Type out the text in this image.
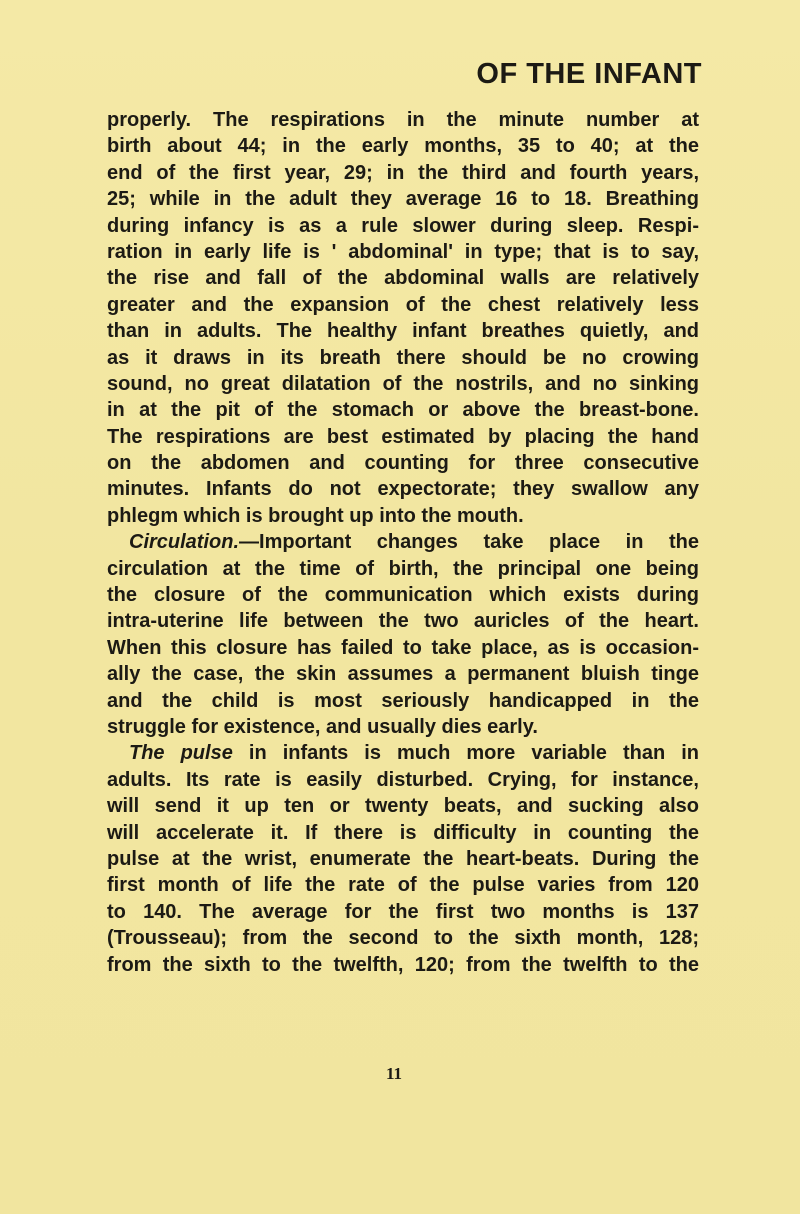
OF THE INFANT
properly. The respirations in the minute number at
birth about 44; in the early months, 35 to 40; at the
end of the first year, 29; in the third and fourth years,
25; while in the adult they average 16 to 18. Breathing
during infancy is as a rule slower during sleep. Respi-
ration in early life is ' abdominal' in type; that is to say,
the rise and fall of the abdominal walls are relatively
greater and the expansion of the chest relatively less
than in adults. The healthy infant breathes quietly, and
as it draws in its breath there should be no crowing
sound, no great dilatation of the nostrils, and no sinking
in at the pit of the stomach or above the breast-bone.
The respirations are best estimated by placing the hand
on the abdomen and counting for three consecutive
minutes. Infants do not expectorate; they swallow any
phlegm which is brought up into the mouth.
Circulation.—Important changes take place in the
circulation at the time of birth, the principal one being
the closure of the communication which exists during
intra-uterine life between the two auricles of the heart.
When this closure has failed to take place, as is occasion-
ally the case, the skin assumes a permanent bluish tinge
and the child is most seriously handicapped in the
struggle for existence, and usually dies early.
The pulse in infants is much more variable than in
adults. Its rate is easily disturbed. Crying, for instance,
will send it up ten or twenty beats, and sucking also
will accelerate it. If there is difficulty in counting the
pulse at the wrist, enumerate the heart-beats. During the
first month of life the rate of the pulse varies from 120
to 140. The average for the first two months is 137
(Trousseau); from the second to the sixth month, 128;
from the sixth to the twelfth, 120; from the twelfth to the
11
